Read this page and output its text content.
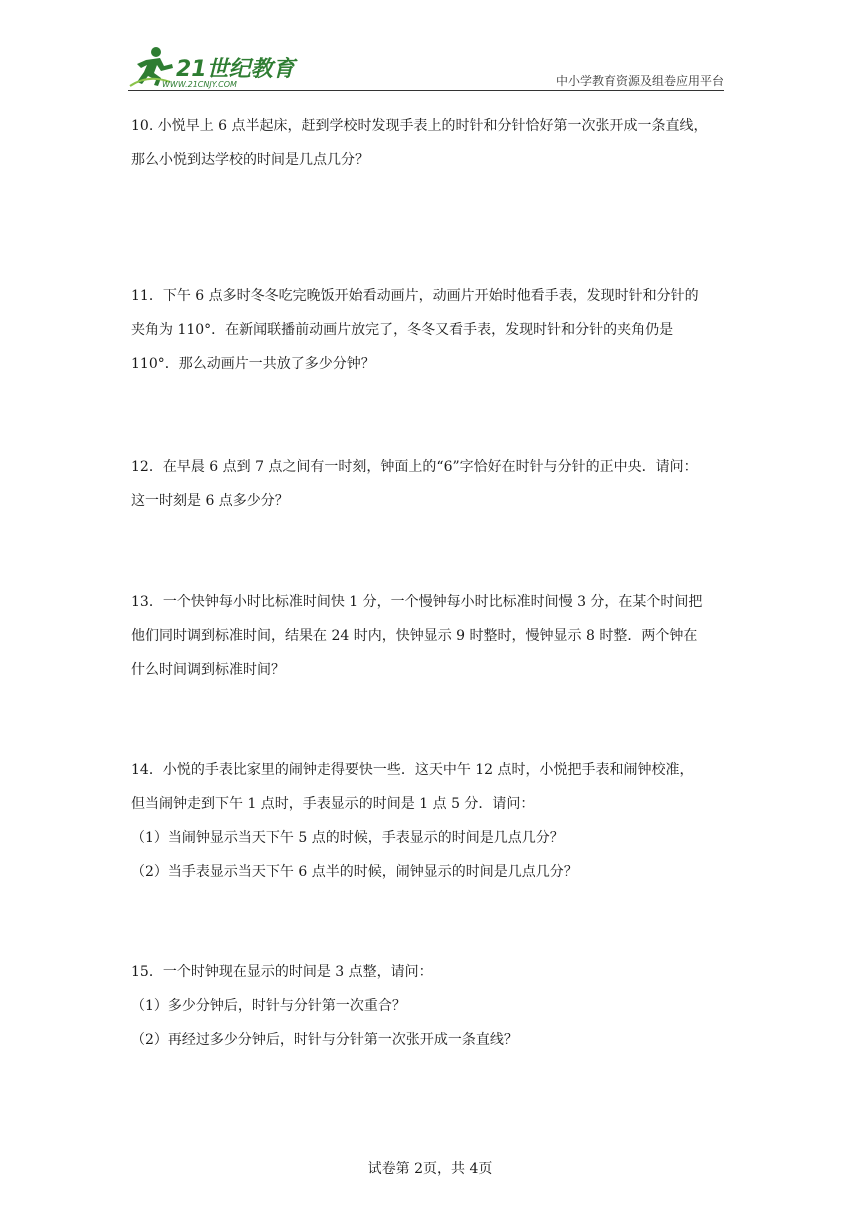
21世纪教育
WWW.21CNJY.COM	中小学教育资源及组卷应用平台

10. 小悦早上 6 点半起床，赶到学校时发现手表上的时针和分针恰好第一次张开成一条直线，

那么小悦到达学校的时间是几点几分？

11．下午 6 点多时冬冬吃完晚饭开始看动画片，动画片开始时他看手表，发现时针和分针的

夹角为 110°．在新闻联播前动画片放完了，冬冬又看手表，发现时针和分针的夹角仍是

110°．那么动画片一共放了多少分钟？

12．在早晨 6 点到 7 点之间有一时刻，钟面上的“6”字恰好在时针与分针的正中央．请问：

这一时刻是 6 点多少分？

13．一个快钟每小时比标准时间快 1 分，一个慢钟每小时比标准时间慢 3 分，在某个时间把

他们同时调到标准时间，结果在 24 时内，快钟显示 9 时整时，慢钟显示 8 时整．两个钟在

什么时间调到标准时间？

14．小悦的手表比家里的闹钟走得要快一些．这天中午 12 点时，小悦把手表和闹钟校准，

但当闹钟走到下午 1 点时，手表显示的时间是 1 点 5 分．请问：

（1）当闹钟显示当天下午 5 点的时候，手表显示的时间是几点几分？

（2）当手表显示当天下午 6 点半的时候，闹钟显示的时间是几点几分？

15．一个时钟现在显示的时间是 3 点整，请问：

（1）多少分钟后，时针与分针第一次重合？

（2）再经过多少分钟后，时针与分针第一次张开成一条直线？

试卷第 2页，共 4页
